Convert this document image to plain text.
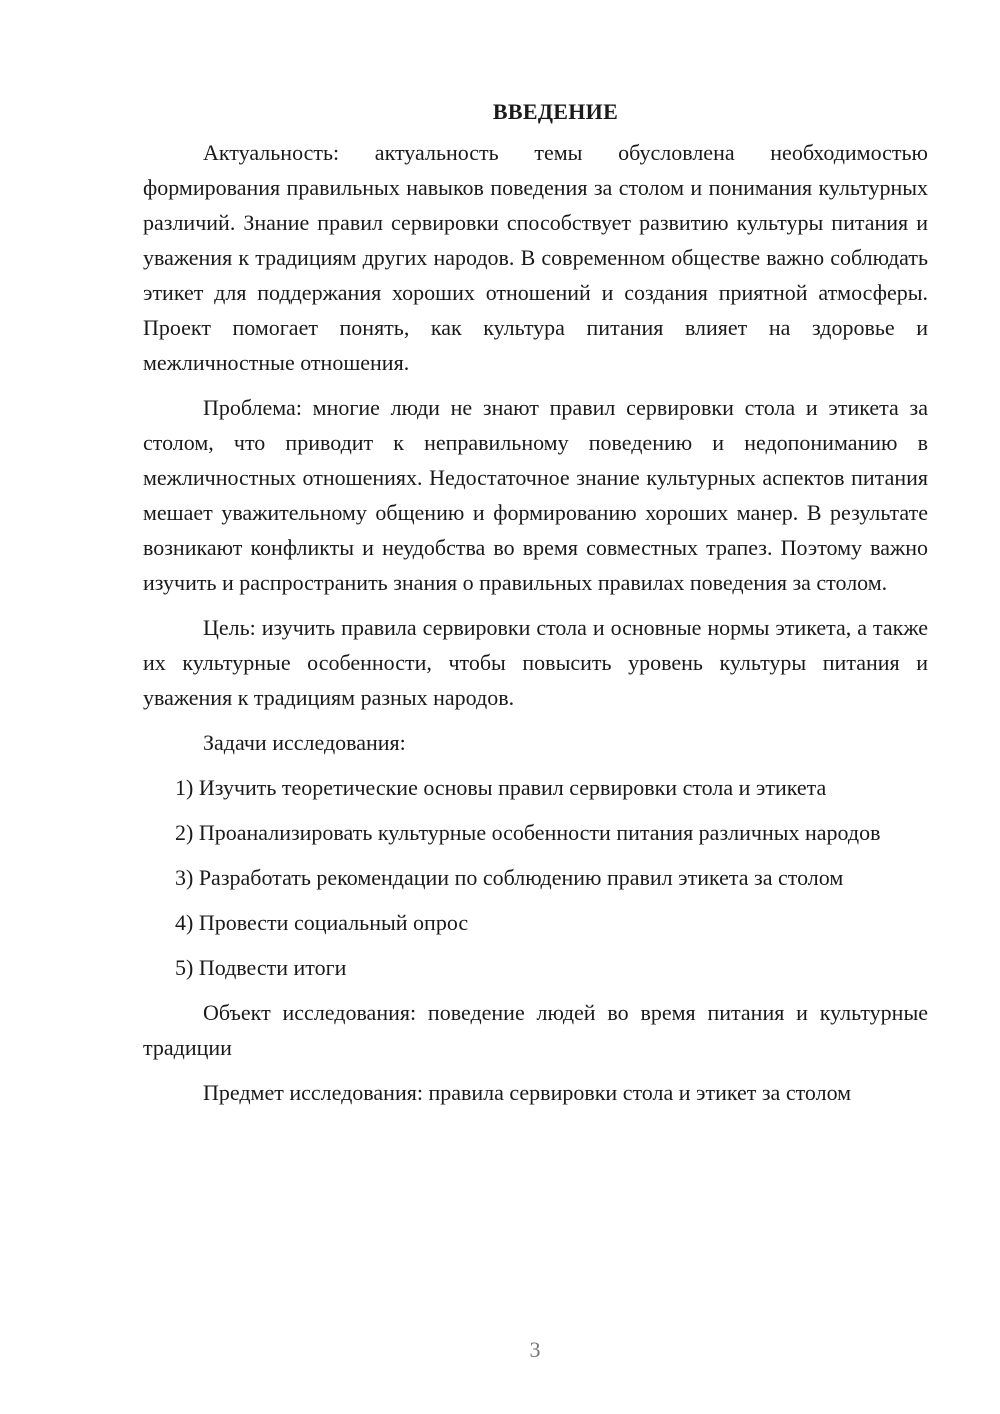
ВВЕДЕНИЕ

Актуальность: актуальность темы обусловлена необходимостью формирования правильных навыков поведения за столом и понимания культурных различий. Знание правил сервировки способствует развитию культуры питания и уважения к традициям других народов. В современном обществе важно соблюдать этикет для поддержания хороших отношений и создания приятной атмосферы. Проект помогает понять, как культура питания влияет на здоровье и межличностные отношения.

Проблема: многие люди не знают правил сервировки стола и этикета за столом, что приводит к неправильному поведению и недопониманию в межличностных отношениях. Недостаточное знание культурных аспектов питания мешает уважительному общению и формированию хороших манер. В результате возникают конфликты и неудобства во время совместных трапез. Поэтому важно изучить и распространить знания о правильных правилах поведения за столом.

Цель: изучить правила сервировки стола и основные нормы этикета, а также их культурные особенности, чтобы повысить уровень культуры питания и уважения к традициям разных народов.

Задачи исследования:

1) Изучить теоретические основы правил сервировки стола и этикета

2) Проанализировать культурные особенности питания различных народов

3) Разработать рекомендации по соблюдению правил этикета за столом

4) Провести социальный опрос

5) Подвести итоги

Объект исследования: поведение людей во время питания и культурные традиции

Предмет исследования: правила сервировки стола и этикет за столом

3
